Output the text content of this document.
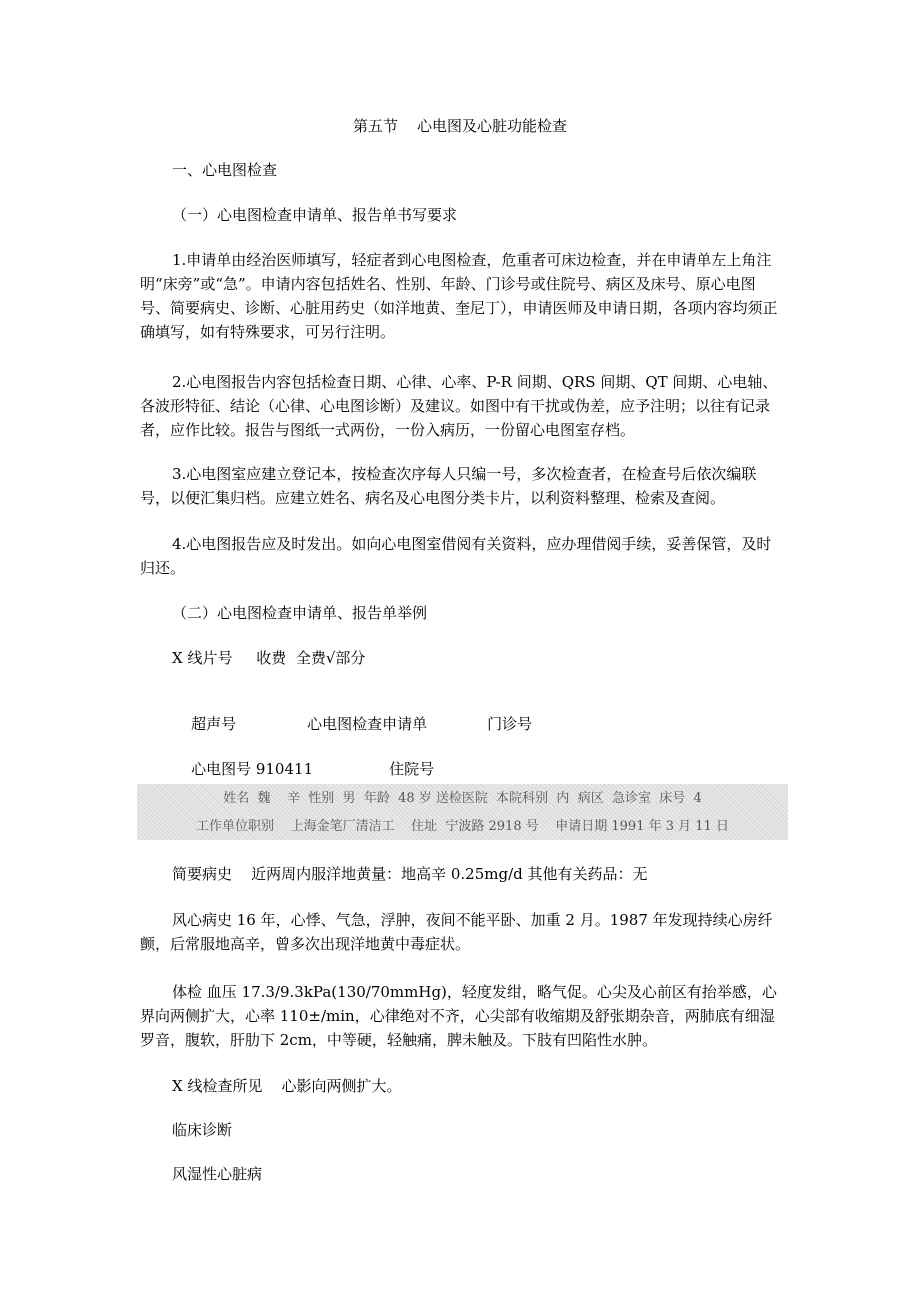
第五节    心电图及心脏功能检查
一、心电图检查
（一）心电图检查申请单、报告单书写要求
1.申请单由经治医师填写，轻症者到心电图检查，危重者可床边检查，并在申请单左上角注明“床旁”或“急”。申请内容包括姓名、性别、年龄、门诊号或住院号、病区及床号、原心电图号、简要病史、诊断、心脏用药史（如洋地黄、奎尼丁），申请医师及申请日期，各项内容均须正确填写，如有特殊要求，可另行注明。
2.心电图报告内容包括检查日期、心律、心率、P-R 间期、QRS 间期、QT 间期、心电轴、各波形特征、结论（心律、心电图诊断）及建议。如图中有干扰或伪差，应予注明；以往有记录者，应作比较。报告与图纸一式两份，一份入病历，一份留心电图室存档。
3.心电图室应建立登记本，按检查次序每人只编一号，多次检查者，在检查号后依次编联号，以便汇集归档。应建立姓名、病名及心电图分类卡片，以利资料整理、检索及查阅。
4.心电图报告应及时发出。如向心电图室借阅有关资料，应办理借阅手续，妥善保管，及时归还。
（二）心电图检查申请单、报告单举例
X 线片号     收费  全费√部分

超声号	心电图检查申请单	门诊号

心电图号 910411	住院号

姓名  魏    辛  性别  男  年龄  48 岁 送检医院  本院科别  内  病区  急诊室  床号  4
工作单位职别    上海金笔厂清洁工    住址  宁波路 2918 号    申请日期 1991 年 3 月 11 日
简要病史    近两周内服洋地黄量：地高辛 0.25mg/d 其他有关药品：无
风心病史 16 年，心悸、气急，浮肿，夜间不能平卧、加重 2 月。1987 年发现持续心房纤颤，后常服地高辛，曾多次出现洋地黄中毒症状。
体检 血压 17.3/9.3kPa(130/70mmHg)，轻度发绀，略气促。心尖及心前区有抬举感，心界向两侧扩大，心率 110±/min，心律绝对不齐，心尖部有收缩期及舒张期杂音，两肺底有细湿罗音，腹软，肝肋下 2cm，中等硬，轻触痛，脾未触及。下肢有凹陷性水肿。
X 线检查所见    心影向两侧扩大。
临床诊断
风湿性心脏病
